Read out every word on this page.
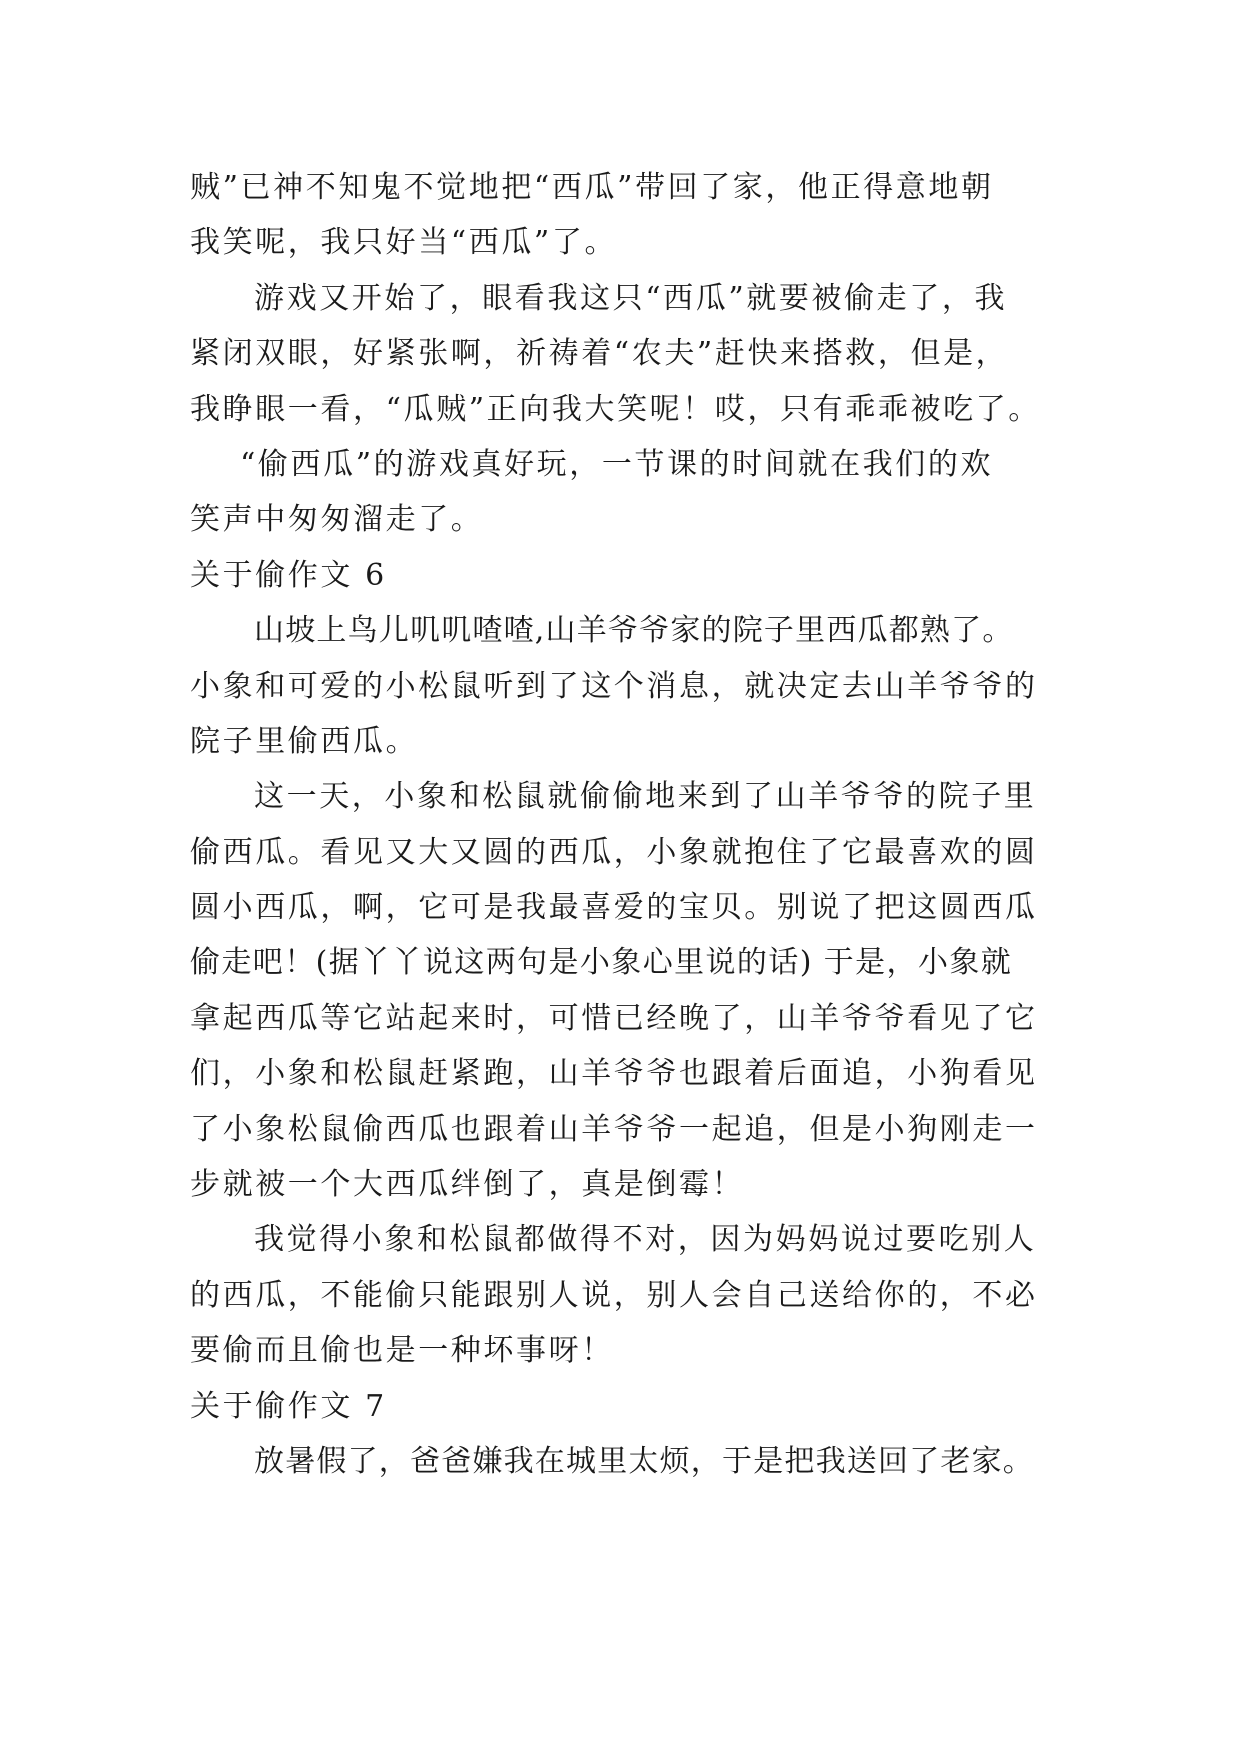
贼”已神不知鬼不觉地把“西瓜”带回了家，他正得意地朝
我笑呢，我只好当“西瓜”了。
游戏又开始了，眼看我这只“西瓜”就要被偷走了，我
紧闭双眼，好紧张啊，祈祷着“农夫”赶快来搭救，但是，
我睁眼一看，“瓜贼”正向我大笑呢！哎，只有乖乖被吃了。
“偷西瓜”的游戏真好玩，一节课的时间就在我们的欢
笑声中匆匆溜走了。
关于偷作文 6
山坡上鸟儿叽叽喳喳,山羊爷爷家的院子里西瓜都熟了。
小象和可爱的小松鼠听到了这个消息，就决定去山羊爷爷的
院子里偷西瓜。
这一天，小象和松鼠就偷偷地来到了山羊爷爷的院子里
偷西瓜。看见又大又圆的西瓜，小象就抱住了它最喜欢的圆
圆小西瓜，啊，它可是我最喜爱的宝贝。别说了把这圆西瓜
偷走吧！(据丫丫说这两句是小象心里说的话) 于是，小象就
拿起西瓜等它站起来时，可惜已经晚了，山羊爷爷看见了它
们，小象和松鼠赶紧跑，山羊爷爷也跟着后面追，小狗看见
了小象松鼠偷西瓜也跟着山羊爷爷一起追，但是小狗刚走一
步就被一个大西瓜绊倒了，真是倒霉！
我觉得小象和松鼠都做得不对，因为妈妈说过要吃别人
的西瓜，不能偷只能跟别人说，别人会自己送给你的，不必
要偷而且偷也是一种坏事呀！
关于偷作文 7
放暑假了，爸爸嫌我在城里太烦，于是把我送回了老家。
